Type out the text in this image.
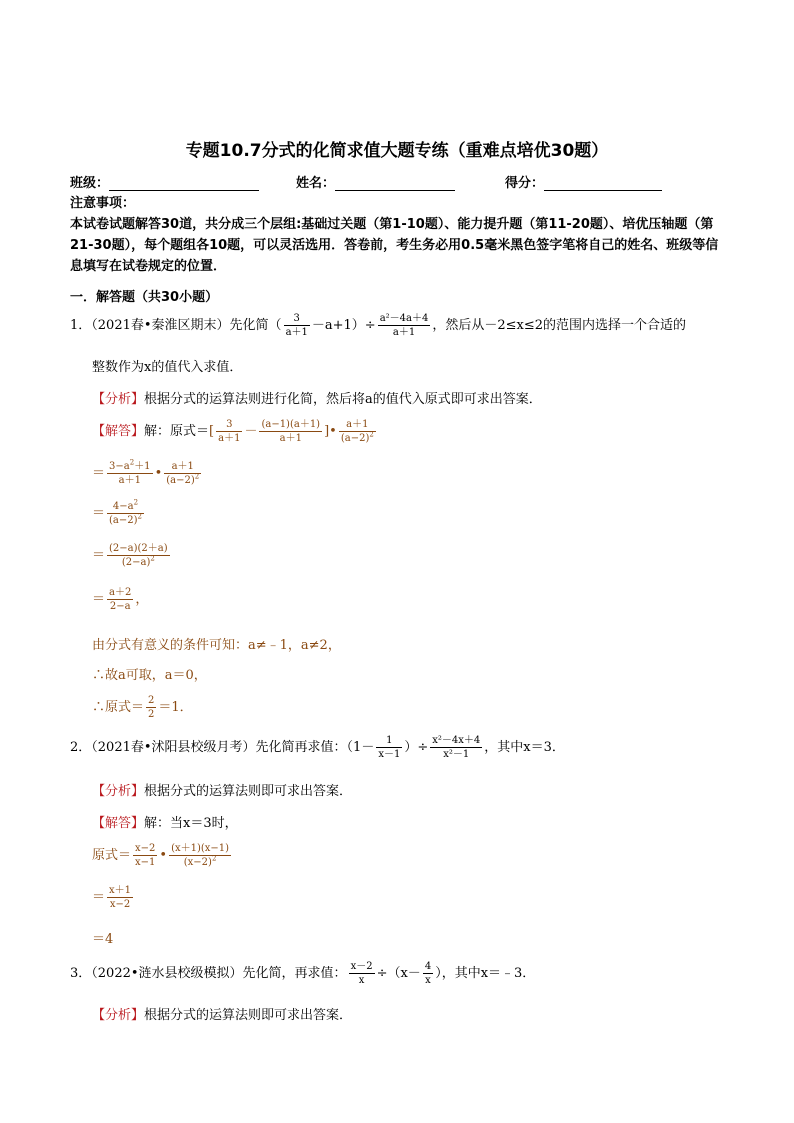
专题10.7分式的化简求值大题专练（重难点培优30题）
班级：	姓名：	得分：
注意事项：
本试卷试题解答30道，共分成三个层组:基础过关题（第1-10题）、能力提升题（第11-20题）、培优压轴题（第21-30题），每个题组各10题，可以灵活选用．答卷前，考生务必用0.5毫米黑色签字笔将自己的姓名、班级等信息填写在试卷规定的位置．
一．解答题（共30小题）
1．（2021春•秦淮区期末）先化简（ $\frac{3}{a+1} -a+1)\div \frac{\text{a²－4a＋4}}{a+1}$ ，然后从－2≤x≤2的范围内选择一个合适的
整数作为x的值代入求值．
【分析】根据分式的运算法则进行化简，然后将a的值代入原式即可求出答案．
【解答】解：原式＝[ $\frac{3}{a+1} - \frac{(a-1)(a+1)}{a+1}$ ]• $\frac{a+1}{(a-2)^2}$
＝ $\frac{3-a^2+1}{a+1}$ • $\frac{a+1}{(a-2)^2}$
＝ $\frac{4-a^2}{(a-2)^2}$
＝ $\frac{(2-a)(2+a)}{(2-a)^2}$
＝ $\frac{a+2}{2-a}$ ，
由分式有意义的条件可知：a≠﹣1，a≠2，
∴故a可取，a＝0，
∴原式＝ $\frac{2}{2} =1$．
2．（2021春•沭阳县校级月考）先化简再求值：（$1- \frac{1}{x-1}$ ）÷ $\frac{\text{x²－4x＋4}}{\text{x²－1}}$ ，其中x＝3．
【分析】根据分式的运算法则即可求出答案．
【解答】解：当x＝3时，
原式＝ $\frac{x-2}{x-1}$ • $\frac{(x+1)(x-1)}{(x-2)^2}$
＝ $\frac{x+1}{x-2}$
＝4
3．（2022•涟水县校级模拟）先化简，再求值： $\frac{x-2}{x} \div(x- \frac{4}{x}$ ），其中x＝﹣3．
【分析】根据分式的运算法则即可求出答案．
